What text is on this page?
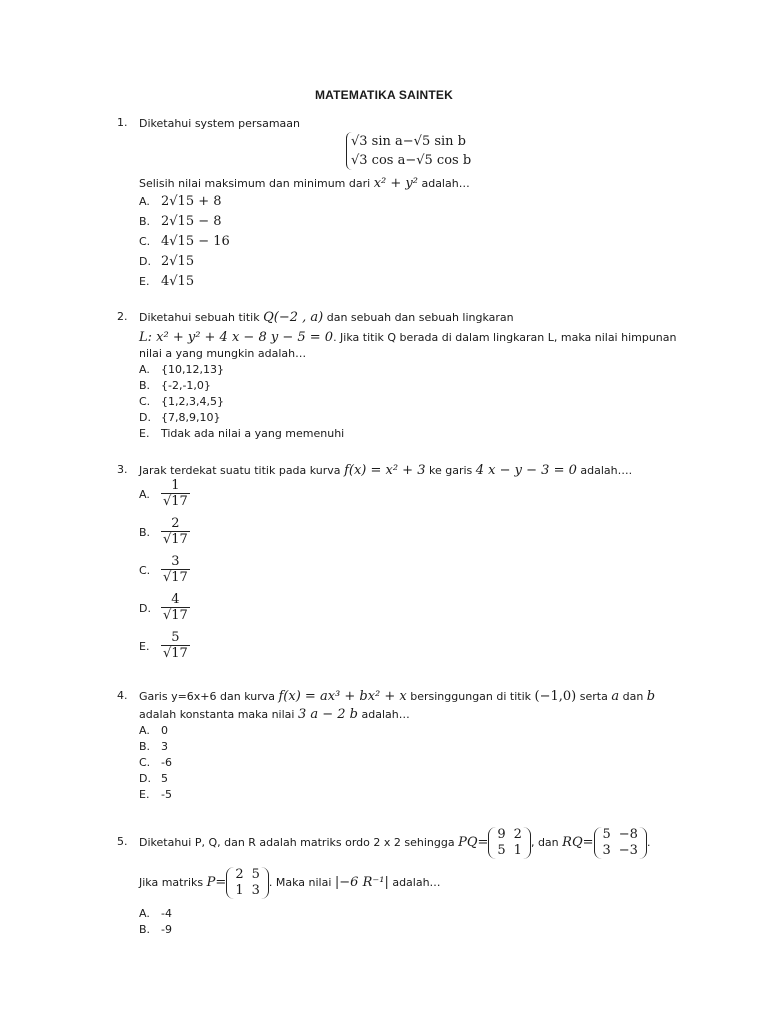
MATEMATIKA SAINTEK
1. Diketahui system persamaan
√3 sin a−√5 sin b
√3 cos a−√5 cos b
Selisih nilai maksimum dan minimum dari x² + y² adalah…
A. 2√15 + 8
B. 2√15 − 8
C. 4√15 − 16
D. 2√15
E. 4√15
2. Diketahui sebuah titik Q(−2 , a) dan sebuah dan sebuah lingkaran
L: x² + y² + 4 x − 8 y − 5 = 0. Jika titik Q berada di dalam lingkaran L, maka nilai himpunan
nilai a yang mungkin adalah…
A. {10,12,13}
B. {-2,-1,0}
C. {1,2,3,4,5}
D. {7,8,9,10}
E. Tidak ada nilai a yang memenuhi
3. Jarak terdekat suatu titik pada kurva f(x) = x² + 3 ke garis 4 x − y − 3 = 0 adalah….
A. $\frac{1}{√17}$
B. $\frac{2}{√17}$
C. $\frac{3}{√17}$
D. $\frac{4}{√17}$
E. $\frac{5}{√17}$
4. Garis y=6x+6 dan kurva f(x) = ax³ + bx² + x bersinggungan di titik (−1,0) serta a dan b
adalah konstanta maka nilai 3 a − 2 b adalah…
A. 0
B. 3
C. -6
D. 5
E. -5
5. Diketahui P, Q, dan R adalah matriks ordo 2 x 2 sehingga PQ=
9	2
5	1
, dan RQ=
5	−8
3	−3
.
Jika matriks P=
2	5
1	3
. Maka nilai |−6 R⁻¹| adalah…
A. -4
B. -9
